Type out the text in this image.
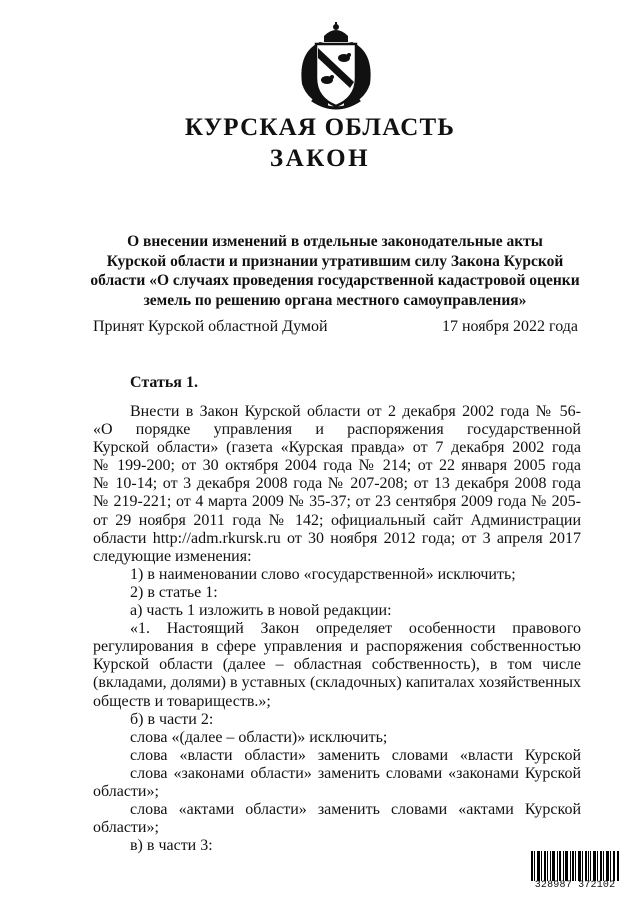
КУРСКАЯ ОБЛАСТЬ
ЗАКОН
О внесении изменений в отдельные законодательные акты
Курской области и признании утратившим силу Закона Курской
области «О случаях проведения государственной кадастровой оценки
земель по решению органа местного самоуправления»
Принят Курской областной Думой	17 ноября 2022 года
Статья 1.
Внести в Закон Курской области от 2 декабря 2002 года № 56-
«О порядке управления и распоряжения государственной
Курской области» (газета «Курская правда» от 7 декабря 2002 года
№ 199-200; от 30 октября 2004 года № 214; от 22 января 2005 года
№ 10-14; от 3 декабря 2008 года № 207-208; от 13 декабря 2008 года
№ 219-221; от 4 марта 2009 № 35-37; от 23 сентября 2009 года № 205-
от 29 ноября 2011 года № 142; официальный сайт Администрации
области http://adm.rkursk.ru от 30 ноября 2012 года; от 3 апреля 2017
следующие изменения:
1) в наименовании слово «государственной» исключить;
2) в статье 1:
а) часть 1 изложить в новой редакции:
«1. Настоящий Закон определяет особенности правового
регулирования в сфере управления и распоряжения собственностью
Курской области (далее – областная собственность), в том числе
(вкладами, долями) в уставных (складочных) капиталах хозяйственных
обществ и товариществ.»;
б) в части 2:
слова «(далее – области)» исключить;
слова «власти области» заменить словами «власти Курской
слова «законами области» заменить словами «законами Курской
области»;
слова «актами области» заменить словами «актами Курской
области»;
в) в части 3:
328987 372102
